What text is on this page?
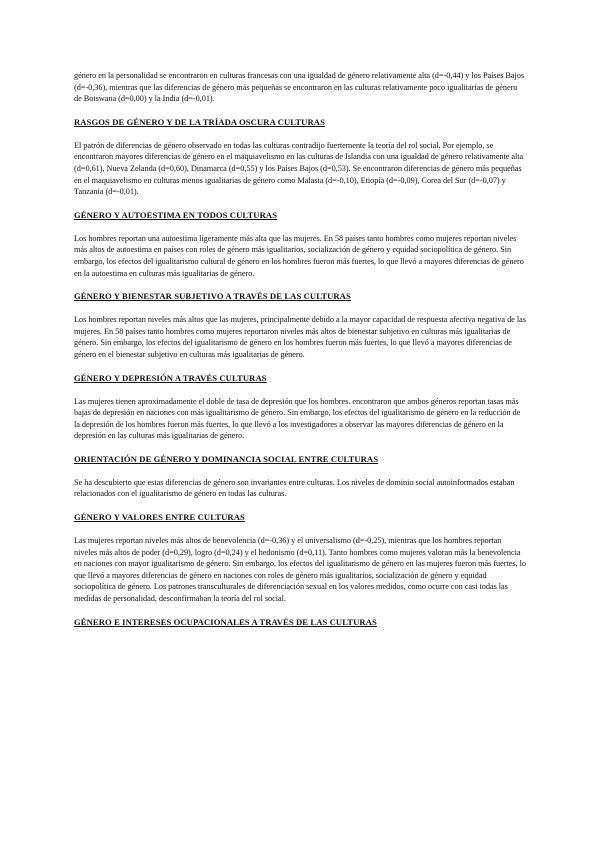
género en la personalidad se encontraron en culturas francesas con una igualdad de género relativamente alta (d=-0,44) y los Países Bajos (d=-0,36), mientras que las diferencias de género más pequeñas se encontraron en las culturas relativamente poco igualitarias de género de Botswana (d=0,00) y la India (d=-0,01).

RASGOS DE GÉNERO Y DE LA TRÍADA OSCURA CULTURAS

El patrón de diferencias de género observado en todas las culturas contradijo fuertemente la teoría del rol social. Por ejemplo, se encontraron mayores diferencias de género en el maquiavelismo en las culturas de Islandia con una igualdad de género relativamente alta (d=0,61), Nueva Zelanda (d=0,60), Dinamarca (d=0,55) y los Países Bajos (d=0,53). Se encontraron diferencias de género más pequeñas en el maquiavelismo en culturas menos igualitarias de género como Malasia (d=-0,10), Etiopía (d=-0,09), Corea del Sur (d=-0,07) y Tanzania (d=-0,01).

GÉNERO Y AUTOESTIMA EN TODOS CULTURAS

Los hombres reportan una autoestima ligeramente más alta que las mujeres. En 58 países tanto hombres como mujeres reportan niveles más altos de autoestima en países con roles de género más igualitarios, socialización de género y equidad sociopolítica de género. Sin embargo, los efectos del igualitarismo cultural de género en los hombres fueron más fuertes, lo que llevó a mayores diferencias de género en la autoestima en culturas más igualitarias de género.

GÉNERO Y BIENESTAR SUBJETIVO A TRAVÉS DE LAS CULTURAS

Los hombres reportan niveles más altos que las mujeres, principalmente debido a la mayor capacidad de respuesta afectiva negativa de las mujeres. En 58 países tanto hombres como mujeres reportaron niveles más altos de bienestar subjetivo en culturas más igualitarias de género. Sin embargo, los efectos del igualitarismo de género en los hombres fueron más fuertes, lo que llevó a mayores diferencias de género en el bienestar subjetivo en culturas más igualitarias de género.

GÉNERO Y DEPRESIÓN A TRAVÉS CULTURAS

Las mujeres tienen aproximadamente el doble de tasa de depresión que los hombres. encontraron que ambos géneros reportan tasas más bajas de depresión en naciones con más igualitarismo de género. Sin embargo, los efectos del igualitarismo de género en la reducción de la depresión de los hombres fueron más fuertes, lo que llevó a los investigadores a observar las mayores diferencias de género en la depresión en las culturas más igualitarias de género.

ORIENTACIÓN DE GÉNERO Y DOMINANCIA SOCIAL ENTRE CULTURAS

Se ha descubierto que estas diferencias de género son invariantes entre culturas. Los niveles de dominio social autoinformados estaban relacionados con el igualitarismo de género en todas las culturas.

GÉNERO Y VALORES ENTRE CULTURAS

Las mujeres reportan niveles más altos de benevolencia (d=-0,36) y el universalismo (d=-0,25), mientras que los hombres reportan niveles más altos de poder (d=0,29), logro (d=0,24) y el hedonismo (d=0,11). Tanto hombres como mujeres valoran más la benevolencia en naciones con mayor igualitarismo de género. Sin embargo, los efectos del igualitarismo de género en las mujeres fueron más fuertes, lo que llevó a mayores diferencias de género en naciones con roles de género más igualitarios, socialización de género y equidad sociopolítica de género. Los patrones transculturales de diferenciación sexual en los valores medidos, como ocurre con casi todas las medidas de personalidad, desconfirmaban la teoría del rol social.

GÉNERO E INTERESES OCUPACIONALES A TRAVÉS DE LAS CULTURAS
